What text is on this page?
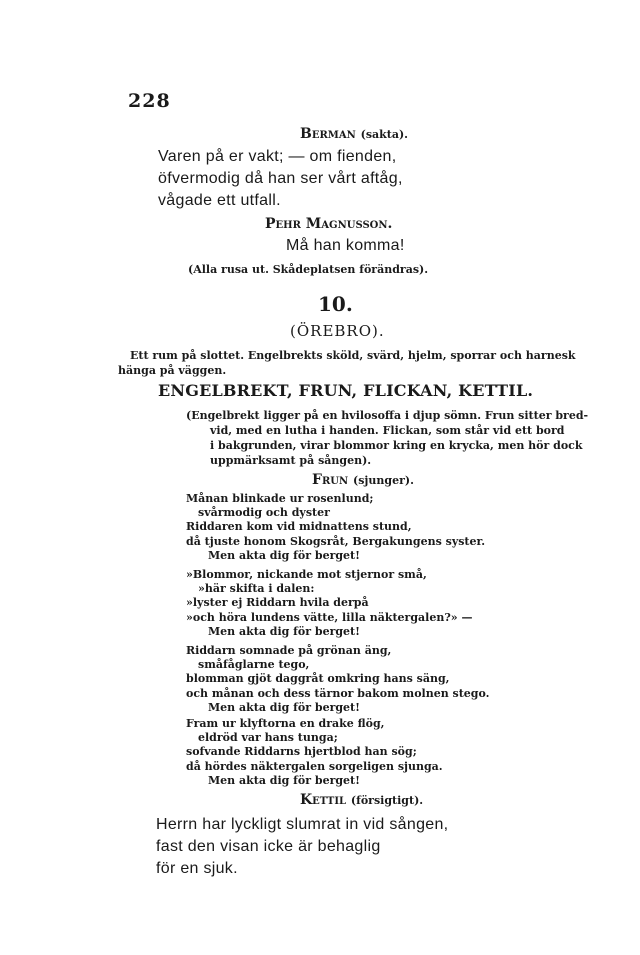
228
Berman (sakta).
Varen på er vakt; — om fienden,
öfvermodig då han ser vårt aftåg,
vågade ett utfall.
Pehr Magnusson.
Må han komma!
(Alla rusa ut. Skådeplatsen förändras).
10.
(ÖREBRO).
Ett rum på slottet. Engelbrekts sköld, svärd, hjelm, sporrar och harnesk
hänga på väggen.
ENGELBREKT, FRUN, FLICKAN, KETTIL.
(Engelbrekt ligger på en hvilosoffa i djup sömn. Frun sitter bred-
vid, med en lutha i handen. Flickan, som står vid ett bord
i bakgrunden, virar blommor kring en krycka, men hör dock
uppmärksamt på sången).
Frun (sjunger).
Månan blinkade ur rosenlund;
svårmodig och dyster
Riddaren kom vid midnattens stund,
då tjuste honom Skogsråt, Bergakungens syster.
Men akta dig för berget!
»Blommor, nickande mot stjernor små,
»här skifta i dalen:
»lyster ej Riddarn hvila derpå
»och höra lundens vätte, lilla näktergalen?» —
Men akta dig för berget!
Riddarn somnade på grönan äng,
småfåglarne tego,
blomman gjöt daggråt omkring hans säng,
och månan och dess tärnor bakom molnen stego.
Men akta dig för berget!
Fram ur klyftorna en drake flög,
eldröd var hans tunga;
sofvande Riddarns hjertblod han sög;
då hördes näktergalen sorgeligen sjunga.
Men akta dig för berget!
Kettil (försigtigt).
Herrn har lyckligt slumrat in vid sången,
fast den visan icke är behaglig
för en sjuk.
